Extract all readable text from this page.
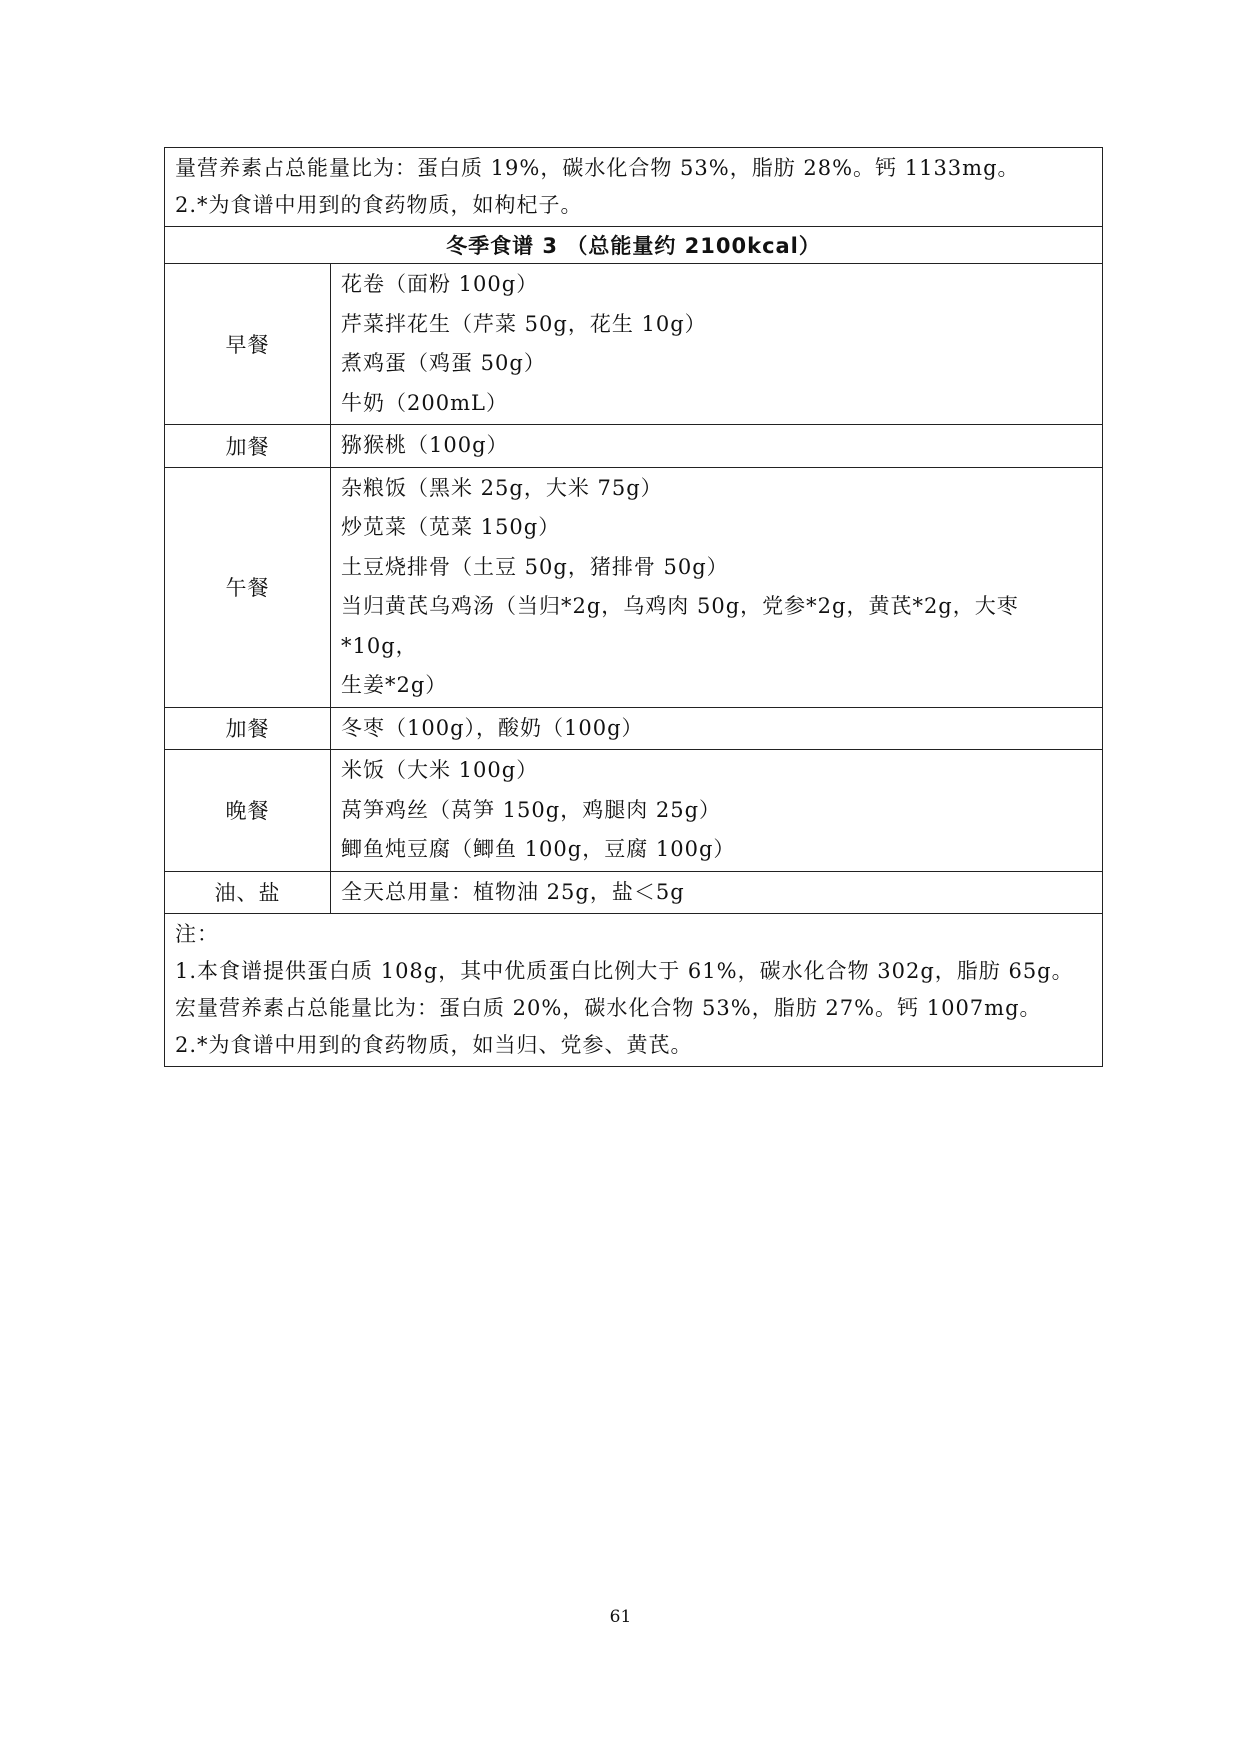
量营养素占总能量比为：蛋白质 19%，碳水化合物 53%，脂肪 28%。钙 1133mg。
2.*为食谱中用到的食药物质，如枸杞子。	

冬季食谱 3 （总能量约 2100kcal）	
早餐	花卷（面粉 100g）
芹菜拌花生（芹菜 50g，花生 10g）
煮鸡蛋（鸡蛋 50g）
牛奶（200mL）

加餐	猕猴桃（100g）

午餐	杂粮饭（黑米 25g，大米 75g）
炒苋菜（苋菜 150g）
土豆烧排骨（土豆 50g，猪排骨 50g）
当归黄芪乌鸡汤（当归*2g，乌鸡肉 50g，党参*2g，黄芪*2g，大枣*10g，
生姜*2g）

加餐	冬枣（100g），酸奶（100g）

晚餐	米饭（大米 100g）
莴笋鸡丝（莴笋 150g，鸡腿肉 25g）
鲫鱼炖豆腐（鲫鱼 100g，豆腐 100g）

油、盐	全天总用量：植物油 25g，盐＜5g

注：
1.本食谱提供蛋白质 108g，其中优质蛋白比例大于 61%，碳水化合物 302g，脂肪 65g。
宏量营养素占总能量比为：蛋白质 20%，碳水化合物 53%，脂肪 27%。钙 1007mg。
2.*为食谱中用到的食药物质，如当归、党参、黄芪。	
61
